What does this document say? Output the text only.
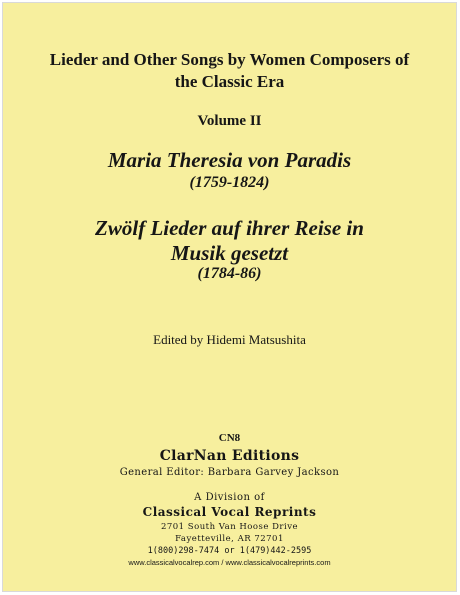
Lieder and Other Songs by Women Composers of
the Classic Era
Volume II
Maria Theresia von Paradis
(1759-1824)
Zwölf Lieder auf ihrer Reise in
Musik gesetzt
(1784-86)
Edited by Hidemi Matsushita
CN8
ClarNan Editions
General Editor: Barbara Garvey Jackson
A Division of
Classical Vocal Reprints
2701 South Van Hoose Drive
Fayetteville, AR 72701
1(800)298-7474 or 1(479)442-2595
www.classicalvocalrep.com / www.classicalvocalreprints.com
